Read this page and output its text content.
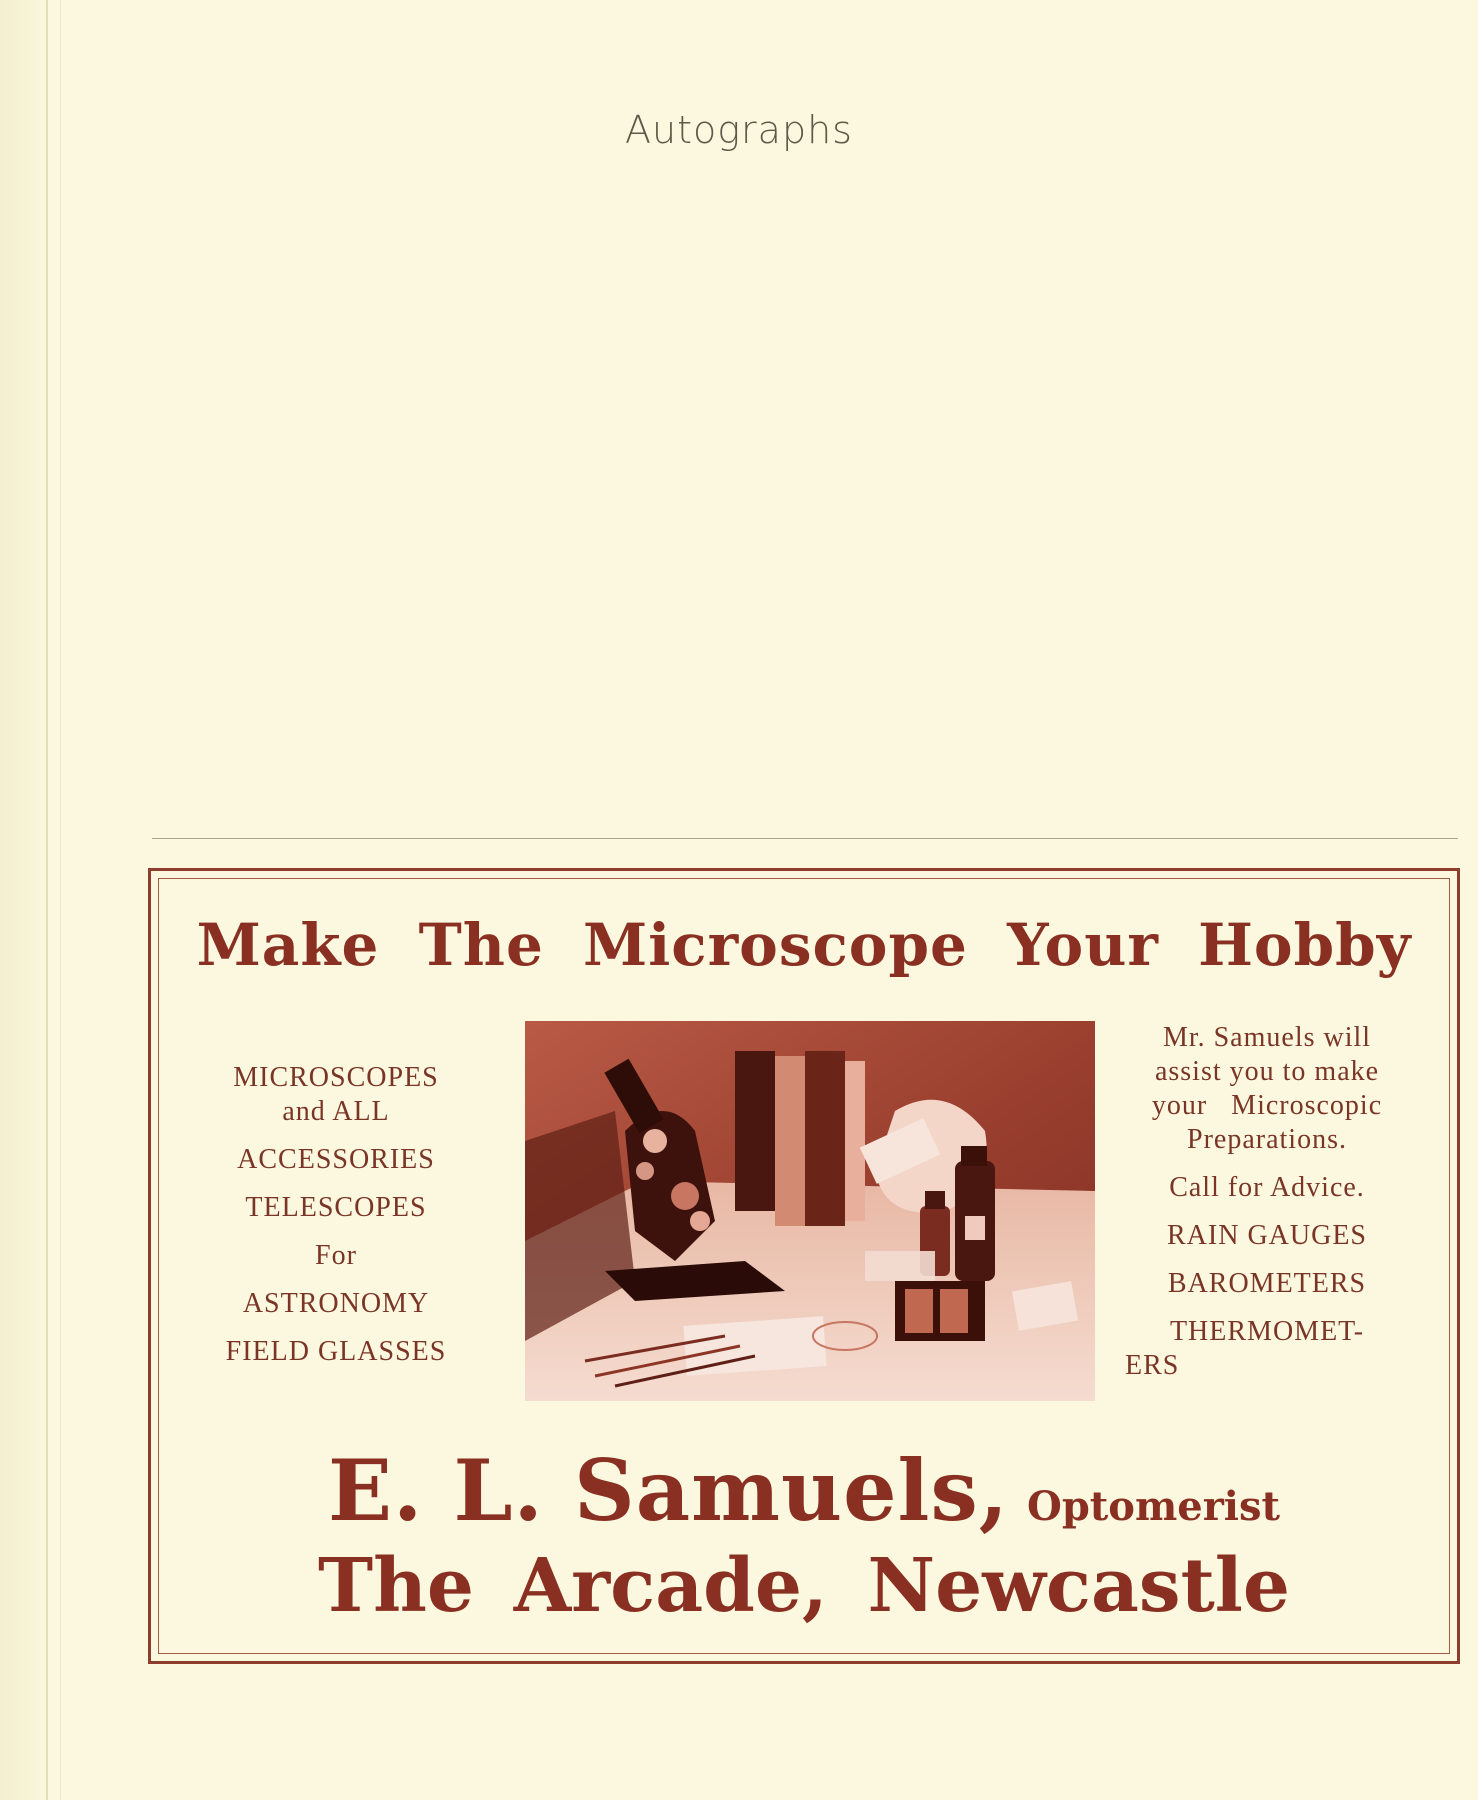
Autographs
Make The Microscope Your Hobby
MICROSCOPES
and ALL
ACCESSORIES
TELESCOPES
For
ASTRONOMY
FIELD GLASSES
Mr. Samuels will
assist you to make
your   Microscopic
Preparations.
Call for Advice.
RAIN GAUGES
BAROMETERS
THERMOMET-
ERS
E. L. Samuels, Optomerist
The Arcade, Newcastle
